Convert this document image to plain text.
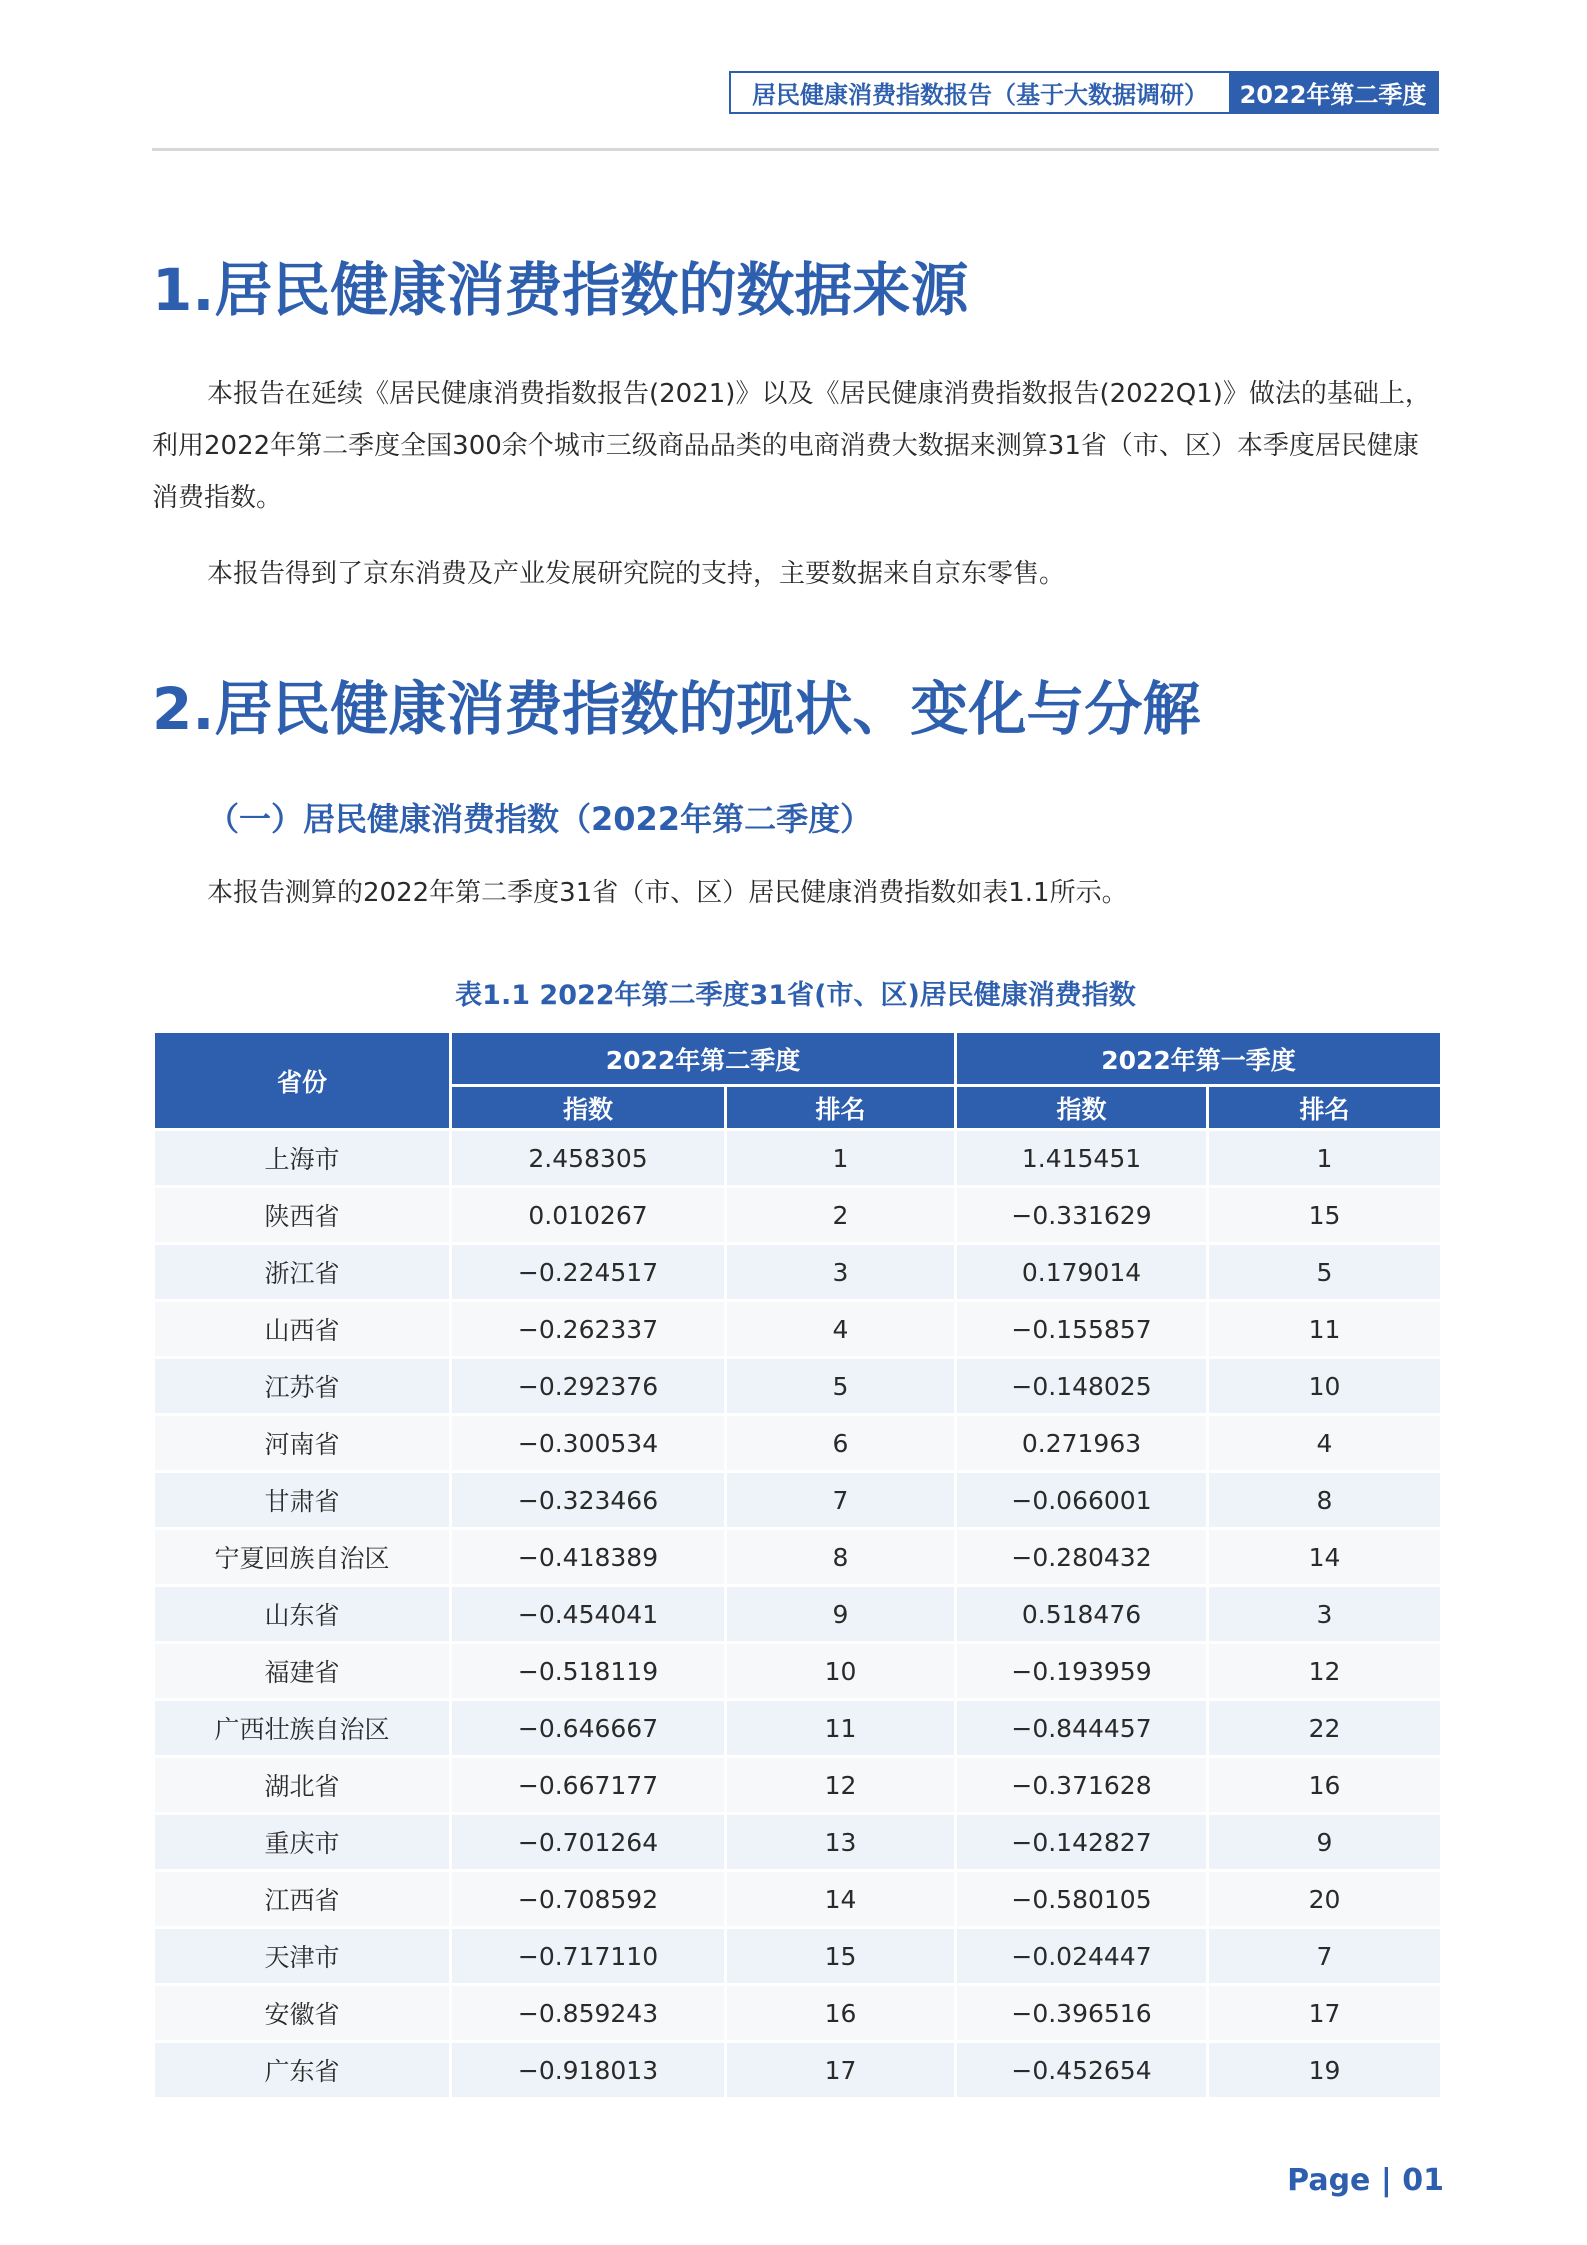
居民健康消费指数报告（基于大数据调研）	2022年第二季度
1.居民健康消费指数的数据来源

本报告在延续《居民健康消费指数报告(2021)》以及《居民健康消费指数报告(2022Q1)》做法的基础上，利用2022年第二季度全国300余个城市三级商品品类的电商消费大数据来测算31省（市、区）本季度居民健康消费指数。

本报告得到了京东消费及产业发展研究院的支持，主要数据来自京东零售。

2.居民健康消费指数的现状、变化与分解
（一）居民健康消费指数（2022年第二季度）

本报告测算的2022年第二季度31省（市、区）居民健康消费指数如表1.1所示。

表1.1 2022年第二季度31省(市、区)居民健康消费指数
省份	2022年第二季度		2022年第一季度	
	指数	排名	指数	排名
上海市	2.458305	1	1.415451	1
陕西省	0.010267	2	−0.331629	15
浙江省	−0.224517	3	0.179014	5
山西省	−0.262337	4	−0.155857	11
江苏省	−0.292376	5	−0.148025	10
河南省	−0.300534	6	0.271963	4
甘肃省	−0.323466	7	−0.066001	8
宁夏回族自治区	−0.418389	8	−0.280432	14
山东省	−0.454041	9	0.518476	3
福建省	−0.518119	10	−0.193959	12
广西壮族自治区	−0.646667	11	−0.844457	22
湖北省	−0.667177	12	−0.371628	16
重庆市	−0.701264	13	−0.142827	9
江西省	−0.708592	14	−0.580105	20
天津市	−0.717110	15	−0.024447	7
安徽省	−0.859243	16	−0.396516	17
广东省	−0.918013	17	−0.452654	19
Page | 01
